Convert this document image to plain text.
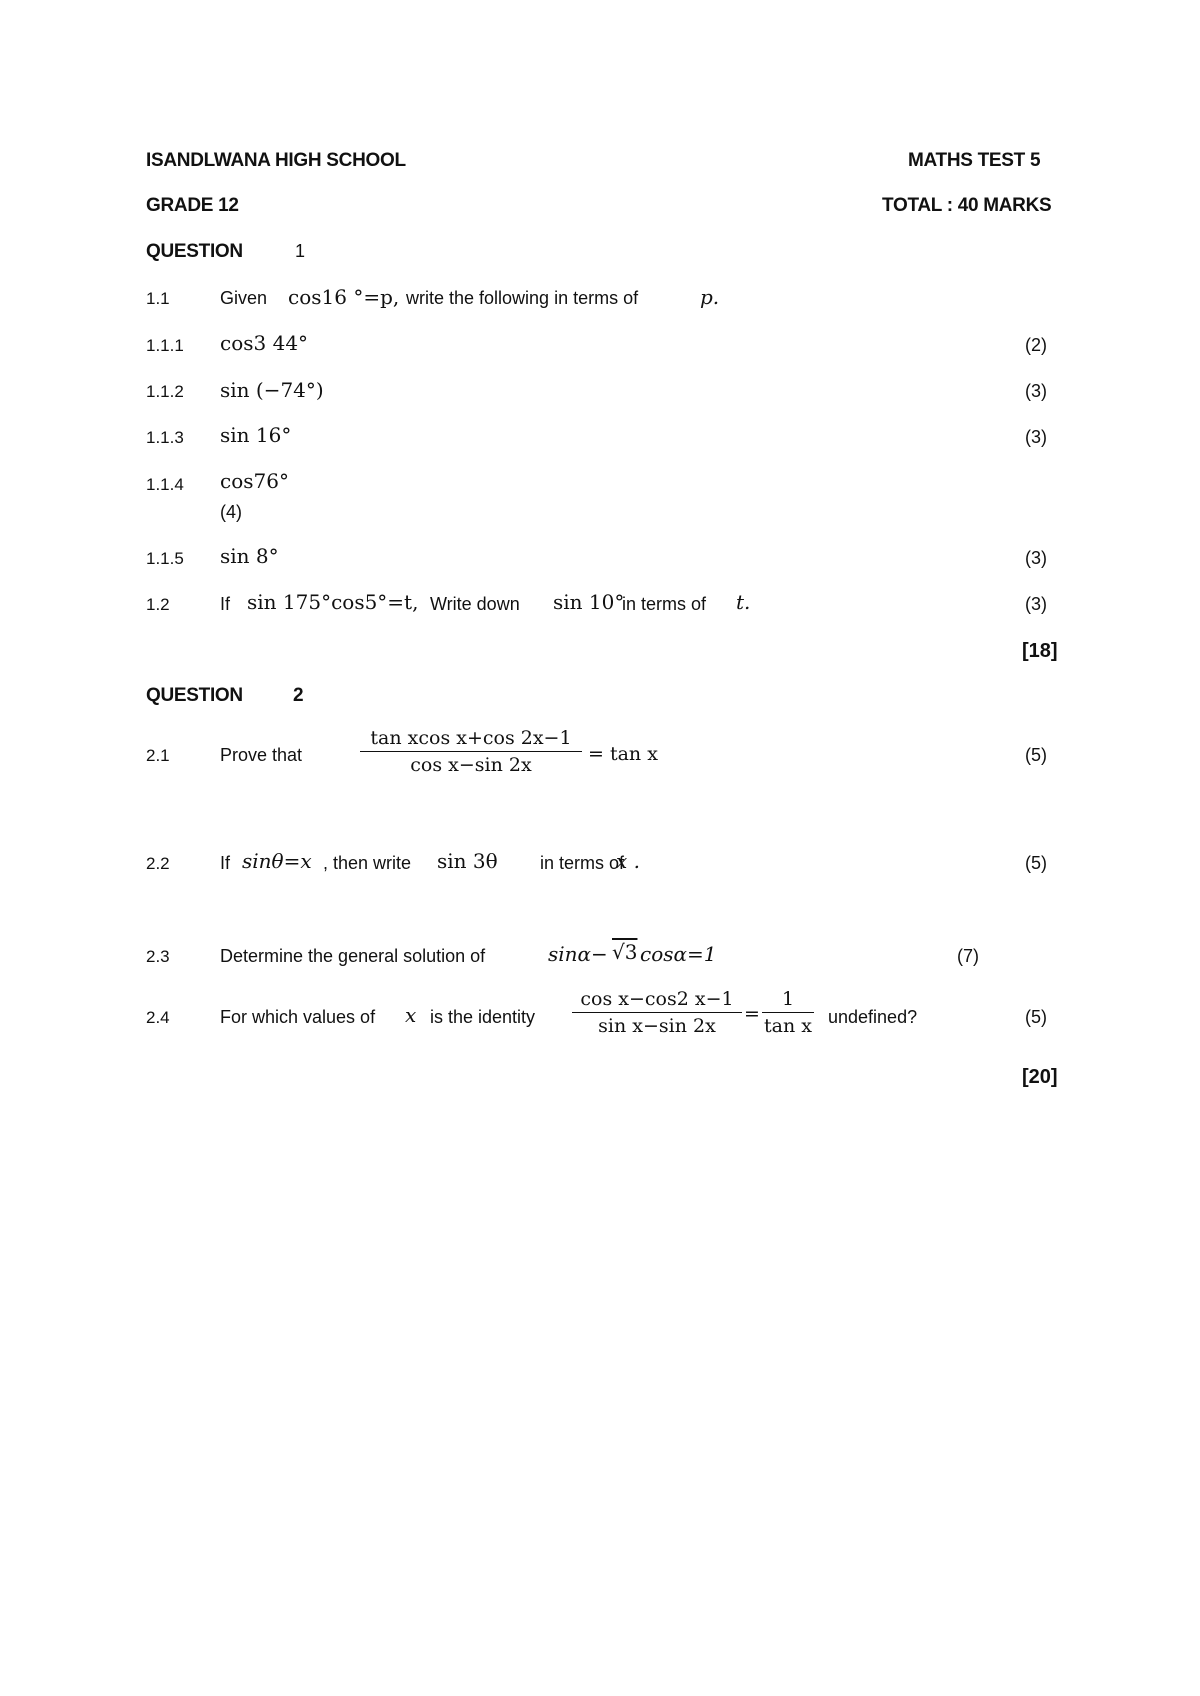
ISANDLWANA HIGH SCHOOL	MATHS TEST 5
GRADE 12	TOTAL : 40 MARKS
QUESTION	1
1.1	Given cos16 °=p, write the following in terms of	p.
1.1.1 cos3 44°	(2)
1.1.2 sin (−74°)	(3)
1.1.3 sin 16°	(3)
1.1.4 cos76°
(4)
1.1.5 sin 8°	(3)
1.2	If sin 175°cos5°=t, Write down sin 10°
in terms of t.	(3)
[18]
QUESTION	2
2.1	Prove that
tan xcos x+cos 2x−1
cos x−sin 2x	= tan x	(5)
2.2	If sinθ=x , then write sin 3θ in terms of
x .	(5)
2.3	Determine the general solution of	sinα− √3 cosα=1	(7)
2.4	For which values of x is the identity
cos x−cos2 x−1
sin x−sin 2x
=
1
tan x undefined?	(5)
[20]
